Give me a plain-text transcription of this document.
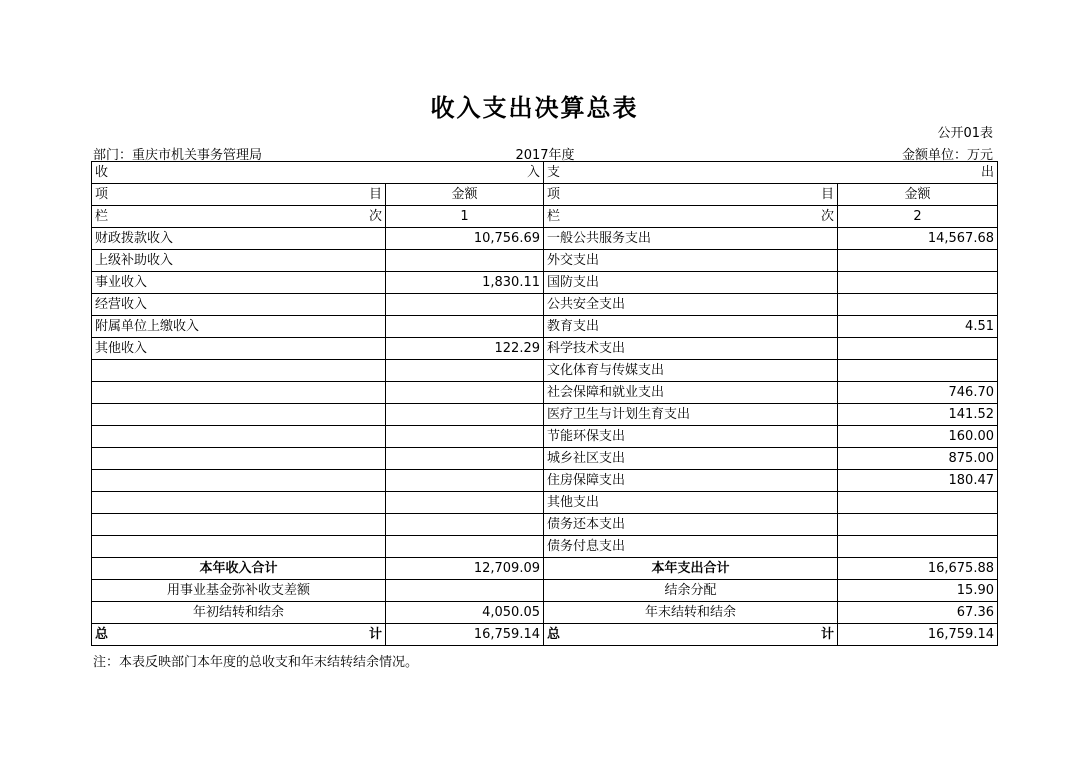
收入支出决算总表
公开01表
部门：重庆市机关事务管理局	2017年度	金额单位：万元
收 入		支 出	

项 目	金额	项 目	金额

栏 次	1	栏 次	2
财政拨款收入	10,756.69	一般公共服务支出	14,567.68
上级补助收入		外交支出	
事业收入	1,830.11	国防支出	
经营收入		公共安全支出	
附属单位上缴收入		教育支出	4.51
其他收入	122.29	科学技术支出	
		文化体育与传媒支出	
		社会保障和就业支出	746.70
		医疗卫生与计划生育支出	141.52
		节能环保支出	160.00
		城乡社区支出	875.00
		住房保障支出	180.47
		其他支出	
		债务还本支出	
		债务付息支出	
本年收入合计	12,709.09	本年支出合计	16,675.88
用事业基金弥补收支差额		结余分配	15.90
年初结转和结余	4,050.05	年末结转和结余	67.36

总 计	16,759.14	总 计	16,759.14
注：本表反映部门本年度的总收支和年末结转结余情况。
